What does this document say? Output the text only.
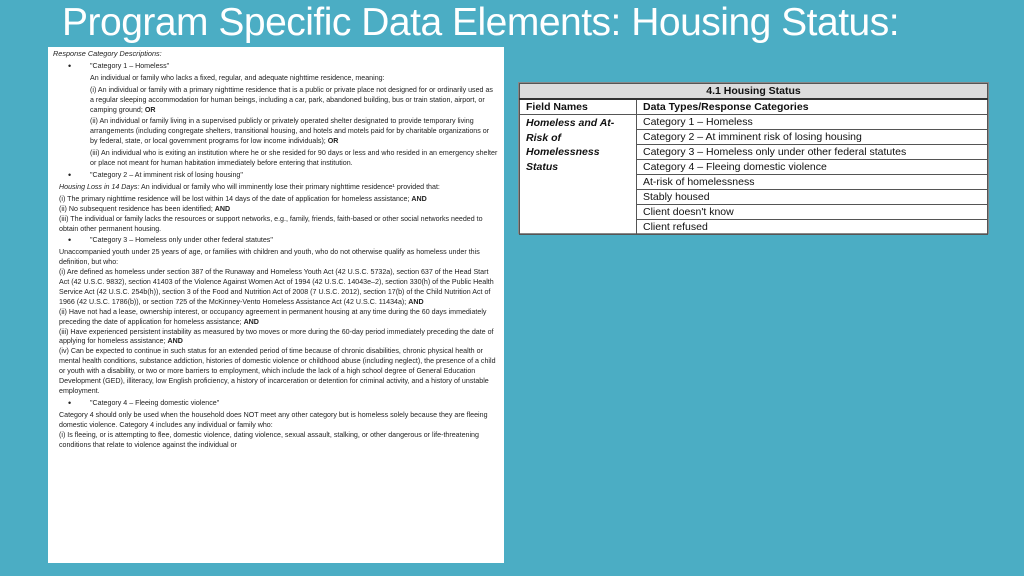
Program Specific Data Elements: Housing Status:
Response Category Descriptions:
•	"Category 1 – Homeless"

An individual or family who lacks a fixed, regular, and adequate nighttime residence, meaning:

(i) An individual or family with a primary nighttime residence that is a public or private place not designed for or ordinarily used as a regular sleeping accommodation for human beings, including a car, park, abandoned building, bus or train station, airport, or camping ground; OR

(ii) An individual or family living in a supervised publicly or privately operated shelter designated to provide temporary living arrangements (including congregate shelters, transitional housing, and hotels and motels paid for by charitable organizations or by federal, state, or local government programs for low income individuals); OR

(iii) An individual who is exiting an institution where he or she resided for 90 days or less and who resided in an emergency shelter or place not meant for human habitation immediately before entering that institution.

•	"Category 2 – At imminent risk of losing housing"

Housing Loss in 14 Days: An individual or family who will imminently lose their primary nighttime residence¹ provided that:

(i) The primary nighttime residence will be lost within 14 days of the date of application for homeless assistance; AND
(ii) No subsequent residence has been identified; AND
(iii) The individual or family lacks the resources or support networks, e.g., family, friends, faith-based or other social networks needed to obtain other permanent housing.

•	"Category 3 – Homeless only under other federal statutes"

Unaccompanied youth under 25 years of age, or families with children and youth, who do not otherwise qualify as homeless under this definition, but who:
(i) Are defined as homeless under section 387 of the Runaway and Homeless Youth Act (42 U.S.C. 5732a), section 637 of the Head Start Act (42 U.S.C. 9832), section 41403 of the Violence Against Women Act of 1994 (42 U.S.C. 14043e–2), section 330(h) of the Public Health Service Act (42 U.S.C. 254b(h)), section 3 of the Food and Nutrition Act of 2008 (7 U.S.C. 2012), section 17(b) of the Child Nutrition Act of 1966 (42 U.S.C. 1786(b)), or section 725 of the McKinney-Vento Homeless Assistance Act (42 U.S.C. 11434a); AND
(ii) Have not had a lease, ownership interest, or occupancy agreement in permanent housing at any time during the 60 days immediately preceding the date of application for homeless assistance; AND
(iii) Have experienced persistent instability as measured by two moves or more during the 60-day period immediately preceding the date of applying for homeless assistance; AND
(iv) Can be expected to continue in such status for an extended period of time because of chronic disabilities, chronic physical health or mental health conditions, substance addiction, histories of domestic violence or childhood abuse (including neglect), the presence of a child or youth with a disability, or two or more barriers to employment, which include the lack of a high school degree of General Education Development (GED), illiteracy, low English proficiency, a history of incarceration or detention for criminal activity, and a history of unstable employment.

•	"Category 4 – Fleeing domestic violence"

Category 4 should only be used when the household does NOT meet any other category but is homeless solely because they are fleeing domestic violence. Category 4 includes any individual or family who:
(i) Is fleeing, or is attempting to flee, domestic violence, dating violence, sexual assault, stalking, or other dangerous or life-threatening conditions that relate to violence against the individual or

4.1 Housing Status	
Field Names	Data Types/Response Categories
Homeless and At-Risk of Homelessness Status	Category 1 – Homeless
	Category 2 – At imminent risk of losing housing
	Category 3 – Homeless only under other federal statutes
	Category 4 – Fleeing domestic violence
	At-risk of homelessness
	Stably housed
	Client doesn't know
	Client refused
